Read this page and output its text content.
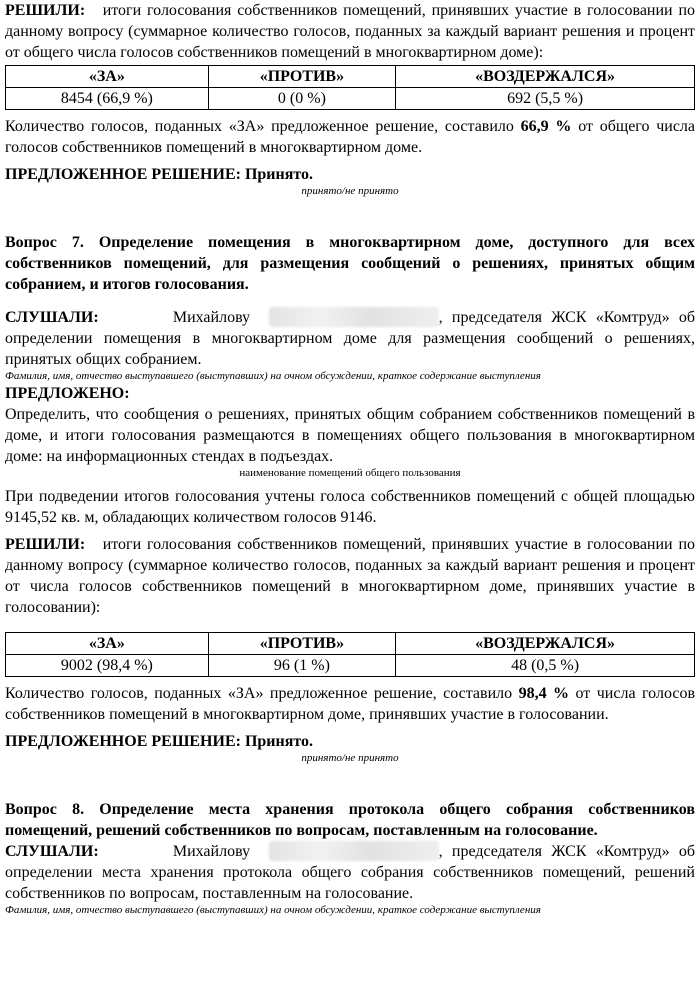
РЕШИЛИ: итоги голосования собственников помещений, принявших участие в голосовании по данному вопросу (суммарное количество голосов, поданных за каждый вариант решения и процент от общего числа голосов собственников помещений в многоквартирном доме):

«ЗА»	«ПРОТИВ»	«ВОЗДЕРЖАЛСЯ»
8454 (66,9 %)	0 (0 %)	692 (5,5 %)

Количество голосов, поданных «ЗА» предложенное решение, составило 66,9 % от общего числа голосов собственников помещений в многоквартирном доме.

ПРЕДЛОЖЕННОЕ РЕШЕНИЕ: Принято.

принято/не принято

Вопрос 7. Определение помещения в многоквартирном доме, доступного для всех собственников помещений, для размещения сообщений о решениях, принятых общим собранием, и итогов голосования.

СЛУШАЛИ:	Михайлову	, председателя ЖСК «Комтруд» об определении помещения в многоквартирном доме для размещения сообщений о решениях, принятых общих собранием.

Фамилия, имя, отчество выступавшего (выступавших) на очном обсуждении, краткое содержание выступления

ПРЕДЛОЖЕНО:

Определить, что сообщения о решениях, принятых общим собранием собственников помещений в доме, и итоги голосования размещаются в помещениях общего пользования в многоквартирном доме: на информационных стендах в подъездах.

наименование помещений общего пользования

При подведении итогов голосования учтены голоса собственников помещений с общей площадью 9145,52 кв. м, обладающих количеством голосов 9146.

РЕШИЛИ: итоги голосования собственников помещений, принявших участие в голосовании по данному вопросу (суммарное количество голосов, поданных за каждый вариант решения и процент от числа голосов собственников помещений в многоквартирном доме, принявших участие в голосовании):

«ЗА»	«ПРОТИВ»	«ВОЗДЕРЖАЛСЯ»
9002 (98,4 %)	96 (1 %)	48 (0,5 %)

Количество голосов, поданных «ЗА» предложенное решение, составило 98,4 % от числа голосов собственников помещений в многоквартирном доме, принявших участие в голосовании.

ПРЕДЛОЖЕННОЕ РЕШЕНИЕ: Принято.

принято/не принято

Вопрос 8. Определение места хранения протокола общего собрания собственников помещений, решений собственников по вопросам, поставленным на голосование.

СЛУШАЛИ:	Михайлову	, председателя ЖСК «Комтруд» об определении места хранения протокола общего собрания собственников помещений, решений собственников по вопросам, поставленным на голосование.

Фамилия, имя, отчество выступавшего (выступавших) на очном обсуждении, краткое содержание выступления
